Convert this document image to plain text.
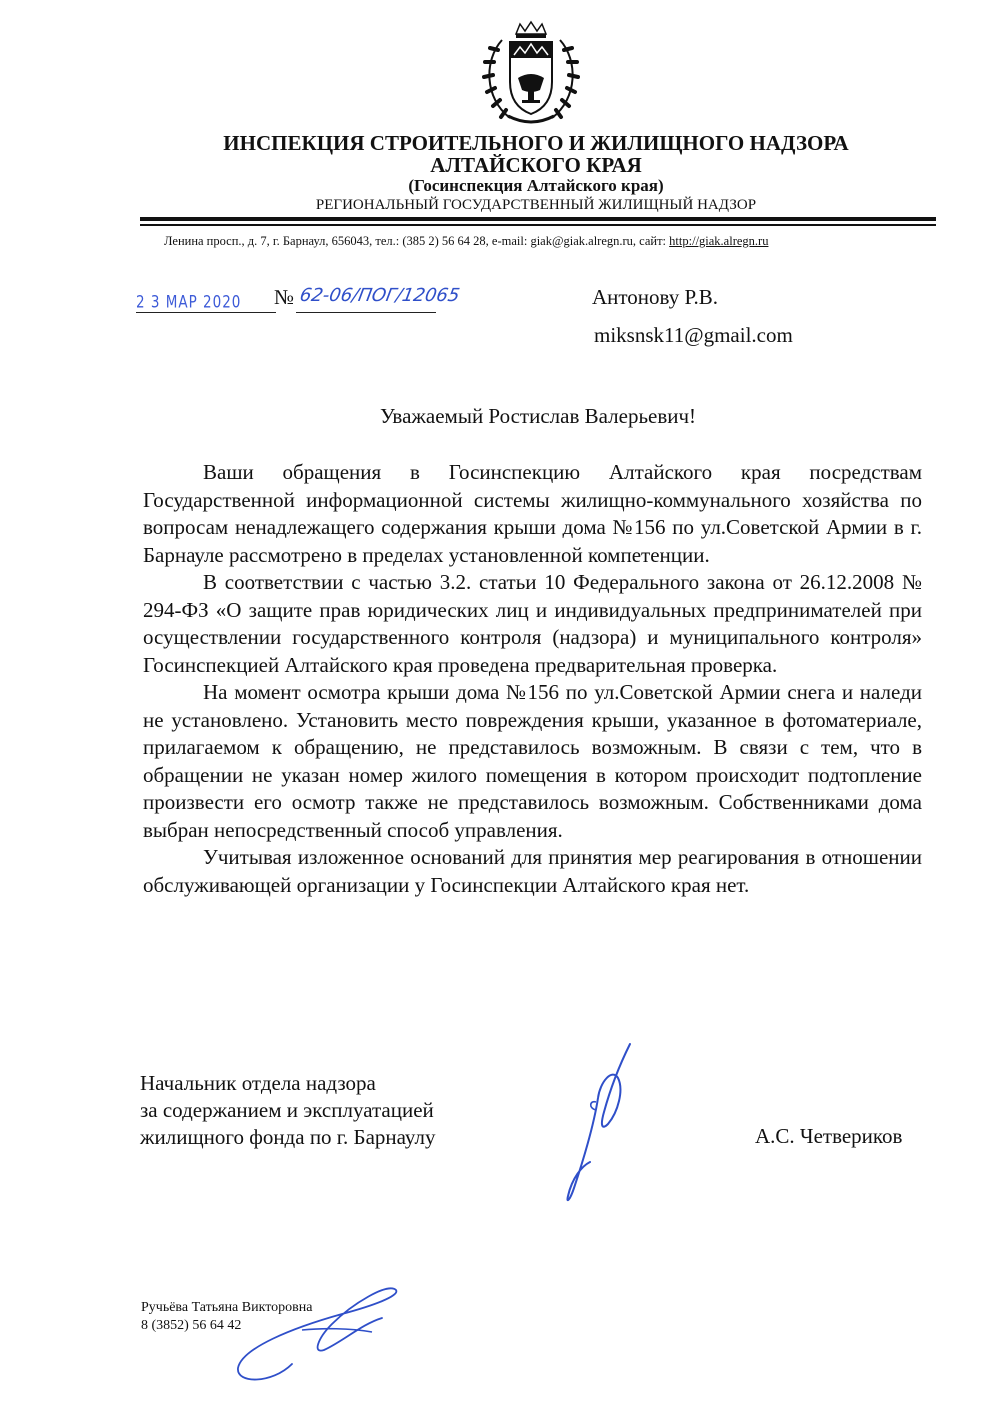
ИНСПЕКЦИЯ СТРОИТЕЛЬНОГО И ЖИЛИЩНОГО НАДЗОРА
АЛТАЙСКОГО КРАЯ
(Госинспекция Алтайского края)
РЕГИОНАЛЬНЫЙ ГОСУДАРСТВЕННЫЙ ЖИЛИЩНЫЙ НАДЗОР
Ленина просп., д. 7, г. Барнаул, 656043, тел.: (385 2) 56 64 28, e-mail: giak@giak.alregn.ru, сайт: http://giak.alregn.ru
2 3 МАР 2020 № 62-06/ПОГ/12065	Антонову Р.В.
miksnsk11@gmail.com
Уважаемый Ростислав Валерьевич!

Ваши обращения в Госинспекцию Алтайского края посредствам Государственной информационной системы жилищно-коммунального хозяйства по вопросам ненадлежащего содержания крыши дома №156 по ул.Советской Армии в г. Барнауле рассмотрено в пределах установленной компетенции.

В соответствии с частью 3.2. статьи 10 Федерального закона от 26.12.2008 № 294-ФЗ «О защите прав юридических лиц и индивидуальных предпринимателей при осуществлении государственного контроля (надзора) и муниципального контроля» Госинспекцией Алтайского края проведена предварительная проверка.

На момент осмотра крыши дома №156 по ул.Советской Армии снега и наледи не установлено. Установить место повреждения крыши, указанное в фотоматериале, прилагаемом к обращению, не представилось возможным. В связи с тем, что в обращении не указан номер жилого помещения в котором происходит подтопление произвести его осмотр также не представилось возможным. Собственниками дома выбран непосредственный способ управления.

Учитывая изложенное оснований для принятия мер реагирования в отношении обслуживающей организации у Госинспекции Алтайского края нет.

Начальник отдела надзора
за содержанием и эксплуатацией
жилищного фонда по г. Барнаулу	А.С. Четвериков
Ручьёва Татьяна Викторовна
8 (3852) 56 64 42
